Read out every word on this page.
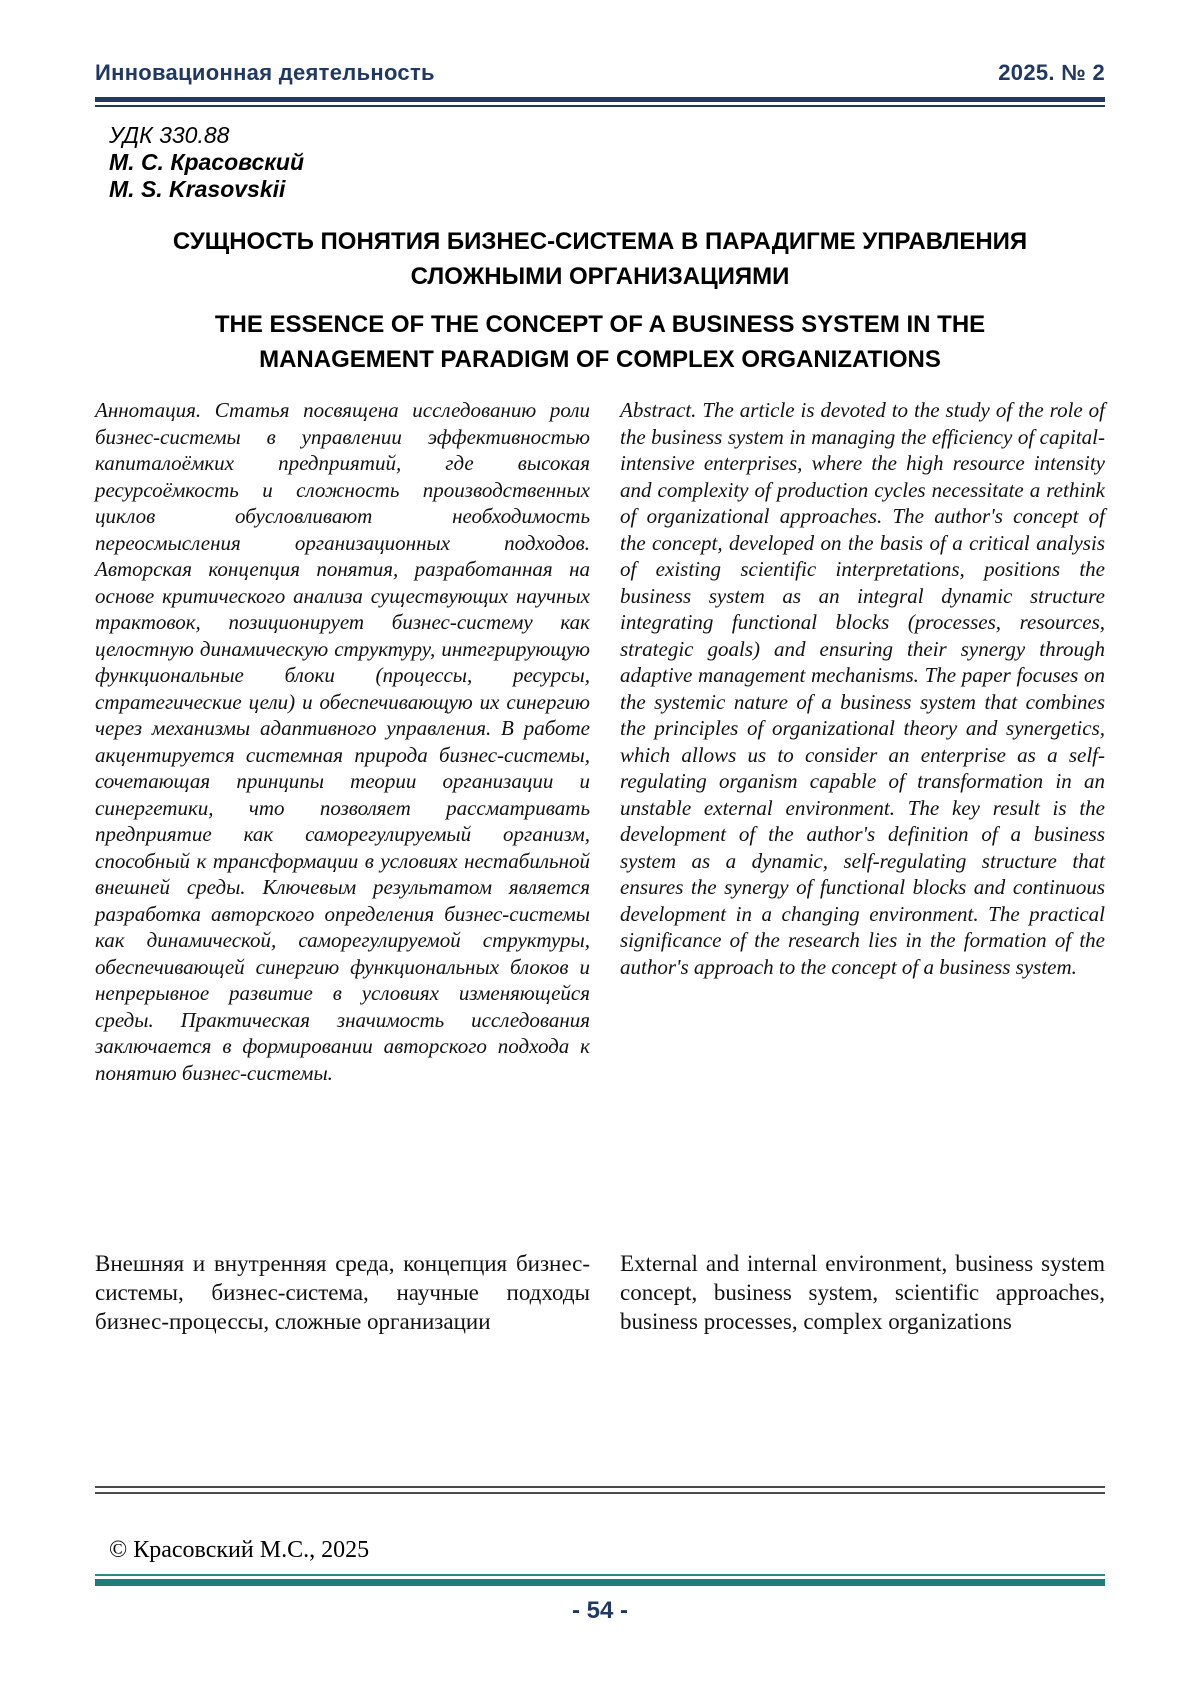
Инновационная деятельность	2025. № 2

УДК 330.88

М. С. Красовский

M. S. Krasovskii

СУЩНОСТЬ ПОНЯТИЯ БИЗНЕС-СИСТЕМА В ПАРАДИГМЕ УПРАВЛЕНИЯ СЛОЖНЫМИ ОРГАНИЗАЦИЯМИ
THE ESSENCE OF THE CONCEPT OF A BUSINESS SYSTEM IN THE MANAGEMENT PARADIGM OF COMPLEX ORGANIZATIONS

Аннотация. Статья посвящена исследованию роли бизнес-системы в управлении эффективностью капиталоёмких предприятий, где высокая ресурсоёмкость и сложность производственных циклов обусловливают необходимость переосмысления организационных подходов. Авторская концепция понятия, разработанная на основе критического анализа существующих научных трактовок, позиционирует бизнес-систему как целостную динамическую структуру, интегрирующую функциональные блоки (процессы, ресурсы, стратегические цели) и обеспечивающую их синергию через механизмы адаптивного управления. В работе акцентируется системная природа бизнес-системы, сочетающая принципы теории организации и синергетики, что позволяет рассматривать предприятие как саморегулируемый организм, способный к трансформации в условиях нестабильной внешней среды. Ключевым результатом является разработка авторского определения бизнес-системы как динамической, саморегулируемой структуры, обеспечивающей синергию функциональных блоков и непрерывное развитие в условиях изменяющейся среды. Практическая значимость исследования заключается в формировании авторского подхода к понятию бизнес-системы.

Abstract. The article is devoted to the study of the role of the business system in managing the efficiency of capital-intensive enterprises, where the high resource intensity and complexity of production cycles necessitate a rethink of organizational approaches. The author's concept of the concept, developed on the basis of a critical analysis of existing scientific interpretations, positions the business system as an integral dynamic structure integrating functional blocks (processes, resources, strategic goals) and ensuring their synergy through adaptive management mechanisms. The paper focuses on the systemic nature of a business system that combines the principles of organizational theory and synergetics, which allows us to consider an enterprise as a self-regulating organism capable of transformation in an unstable external environment. The key result is the development of the author's definition of a business system as a dynamic, self-regulating structure that ensures the synergy of functional blocks and continuous development in a changing environment. The practical significance of the research lies in the formation of the author's approach to the concept of a business system.

Внешняя и внутренняя среда, концепция бизнес-системы, бизнес-система, научные подходы бизнес-процессы, сложные организации

External and internal environment, business system concept, business system, scientific approaches, business processes, complex organizations

© Красовский М.С., 2025

- 54 -
